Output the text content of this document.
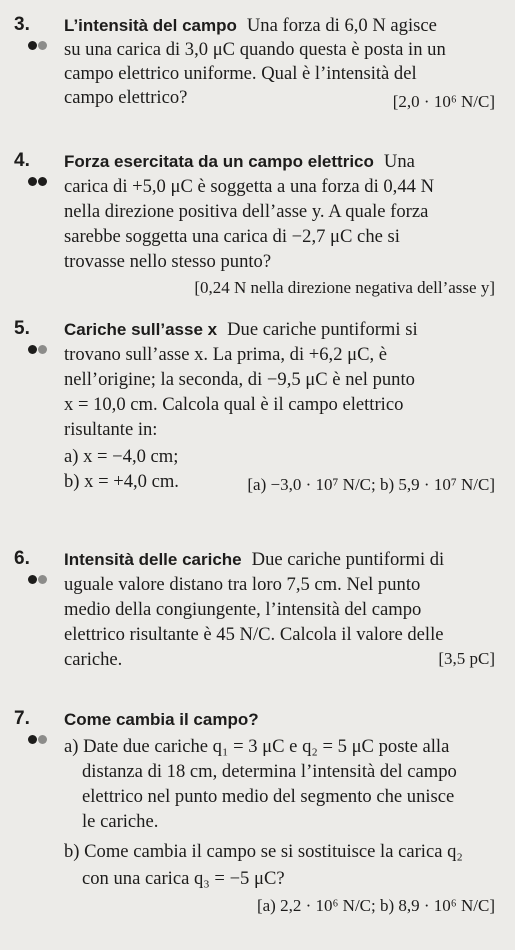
3. L’intensità del campo Una forza di 6,0 N agisce
su una carica di 3,0 μC quando questa è posta in un
campo elettrico uniforme. Qual è l’intensità del
campo elettrico?	[2,0 · 10⁶ N/C]
4. Forza esercitata da un campo elettrico Una
carica di +5,0 μC è soggetta a una forza di 0,44 N
nella direzione positiva dell’asse y. A quale forza
sarebbe soggetta una carica di −2,7 μC che si
trovasse nello stesso punto?
[0,24 N nella direzione negativa dell’asse y]
5. Cariche sull’asse x Due cariche puntiformi si
trovano sull’asse x. La prima, di +6,2 μC, è
nell’origine; la seconda, di −9,5 μC è nel punto
x = 10,0 cm. Calcola qual è il campo elettrico
risultante in:
a) x = −4,0 cm;
b) x = +4,0 cm.	[a) −3,0 · 10⁷ N/C; b) 5,9 · 10⁷ N/C]
6. Intensità delle cariche Due cariche puntiformi di
uguale valore distano tra loro 7,5 cm. Nel punto
medio della congiungente, l’intensità del campo
elettrico risultante è 45 N/C. Calcola il valore delle
cariche.	[3,5 pC]
7. Come cambia il campo?
a) Date due cariche q₁ = 3 μC e q₂ = 5 μC poste alla
distanza di 18 cm, determina l’intensità del campo
elettrico nel punto medio del segmento che unisce
le cariche.
b) Come cambia il campo se si sostituisce la carica q₂
con una carica q₃ = −5 μC?
[a) 2,2 · 10⁶ N/C; b) 8,9 · 10⁶ N/C]
